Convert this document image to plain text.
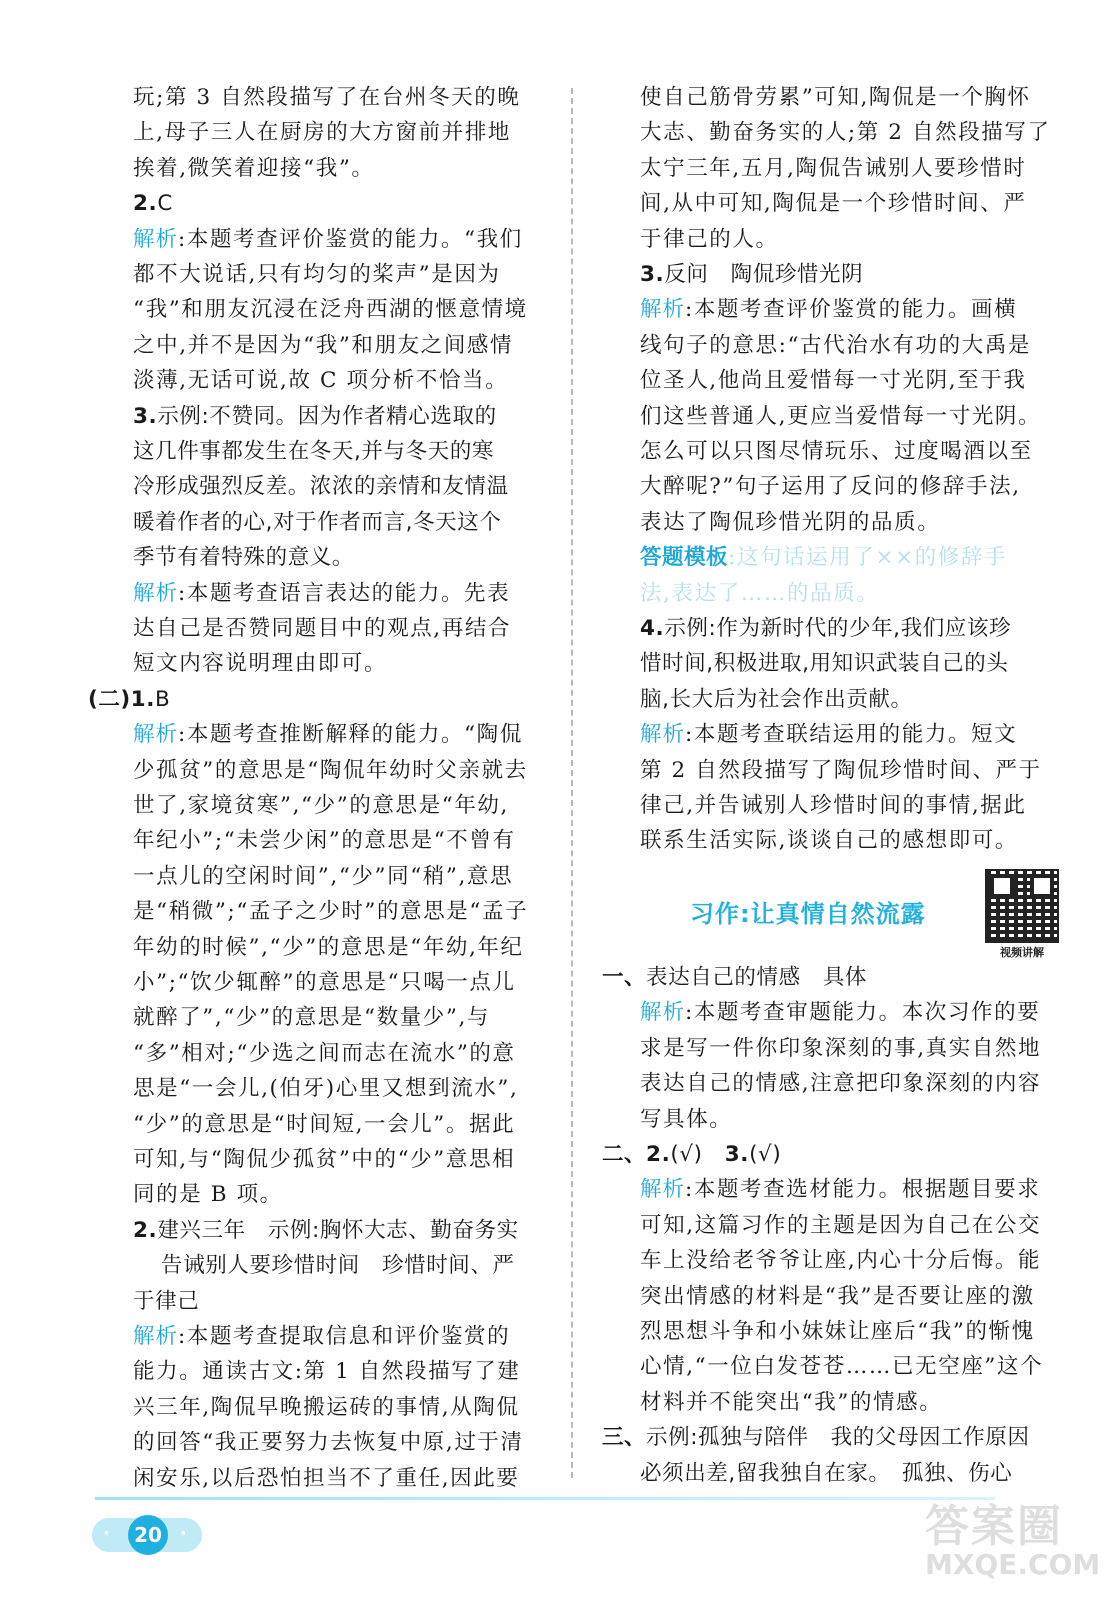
玩;第 3 自然段描写了在台州冬天的晚
上,母子三人在厨房的大方窗前并排地
挨着,微笑着迎接“我”。
2.C
解析:本题考查评价鉴赏的能力。“我们
都不大说话,只有均匀的桨声”是因为
“我”和朋友沉浸在泛舟西湖的惬意情境
之中,并不是因为“我”和朋友之间感情
淡薄,无话可说,故 C 项分析不恰当。
3.示例:不赞同。因为作者精心选取的
这几件事都发生在冬天,并与冬天的寒
冷形成强烈反差。浓浓的亲情和友情温
暖着作者的心,对于作者而言,冬天这个
季节有着特殊的意义。
解析:本题考查语言表达的能力。先表
达自己是否赞同题目中的观点,再结合
短文内容说明理由即可。
(二)1.B
解析:本题考查推断解释的能力。“陶侃
少孤贫”的意思是“陶侃年幼时父亲就去
世了,家境贫寒”,“少”的意思是“年幼,
年纪小”;“未尝少闲”的意思是“不曾有
一点儿的空闲时间”,“少”同“稍”,意思
是“稍微”;“孟子之少时”的意思是“孟子
年幼的时候”,“少”的意思是“年幼,年纪
小”;“饮少辄醉”的意思是“只喝一点儿
就醉了”,“少”的意思是“数量少”,与
“多”相对;“少选之间而志在流水”的意
思是“一会儿,(伯牙)心里又想到流水”,
“少”的意思是“时间短,一会儿”。据此
可知,与“陶侃少孤贫”中的“少”意思相
同的是 B 项。
2.建兴三年　示例:胸怀大志、勤奋务实
告诫别人要珍惜时间　珍惜时间、严
于律己
解析:本题考查提取信息和评价鉴赏的
能力。通读古文:第 1 自然段描写了建
兴三年,陶侃早晚搬运砖的事情,从陶侃
的回答“我正要努力去恢复中原,过于清
闲安乐,以后恐怕担当不了重任,因此要
使自己筋骨劳累”可知,陶侃是一个胸怀
大志、勤奋务实的人;第 2 自然段描写了
太宁三年,五月,陶侃告诫别人要珍惜时
间,从中可知,陶侃是一个珍惜时间、严
于律己的人。
3.反问　陶侃珍惜光阴
解析:本题考查评价鉴赏的能力。画横
线句子的意思:“古代治水有功的大禹是
位圣人,他尚且爱惜每一寸光阴,至于我
们这些普通人,更应当爱惜每一寸光阴。
怎么可以只图尽情玩乐、过度喝酒以至
大醉呢?”句子运用了反问的修辞手法,
表达了陶侃珍惜光阴的品质。
答题模板:这句话运用了××的修辞手
法,表达了……的品质。
4.示例:作为新时代的少年,我们应该珍
惜时间,积极进取,用知识武装自己的头
脑,长大后为社会作出贡献。
解析:本题考查联结运用的能力。短文
第 2 自然段描写了陶侃珍惜时间、严于
律己,并告诫别人珍惜时间的事情,据此
联系生活实际,谈谈自己的感想即可。
习作:让真情自然流露
视频讲解
一、表达自己的情感　具体
解析:本题考查审题能力。本次习作的要
求是写一件你印象深刻的事,真实自然地
表达自己的情感,注意把印象深刻的内容
写具体。
二、2.(√)　3.(√)
解析:本题考查选材能力。根据题目要求
可知,这篇习作的主题是因为自己在公交
车上没给老爷爷让座,内心十分后悔。能
突出情感的材料是“我”是否要让座的激
烈思想斗争和小妹妹让座后“我”的惭愧
心情,“一位白发苍苍……已无空座”这个
材料并不能突出“我”的情感。
三、示例:孤独与陪伴　我的父母因工作原因
必须出差,留我独自在家。　孤独、伤心
·	·
20	答案圈
MXQE.COM
